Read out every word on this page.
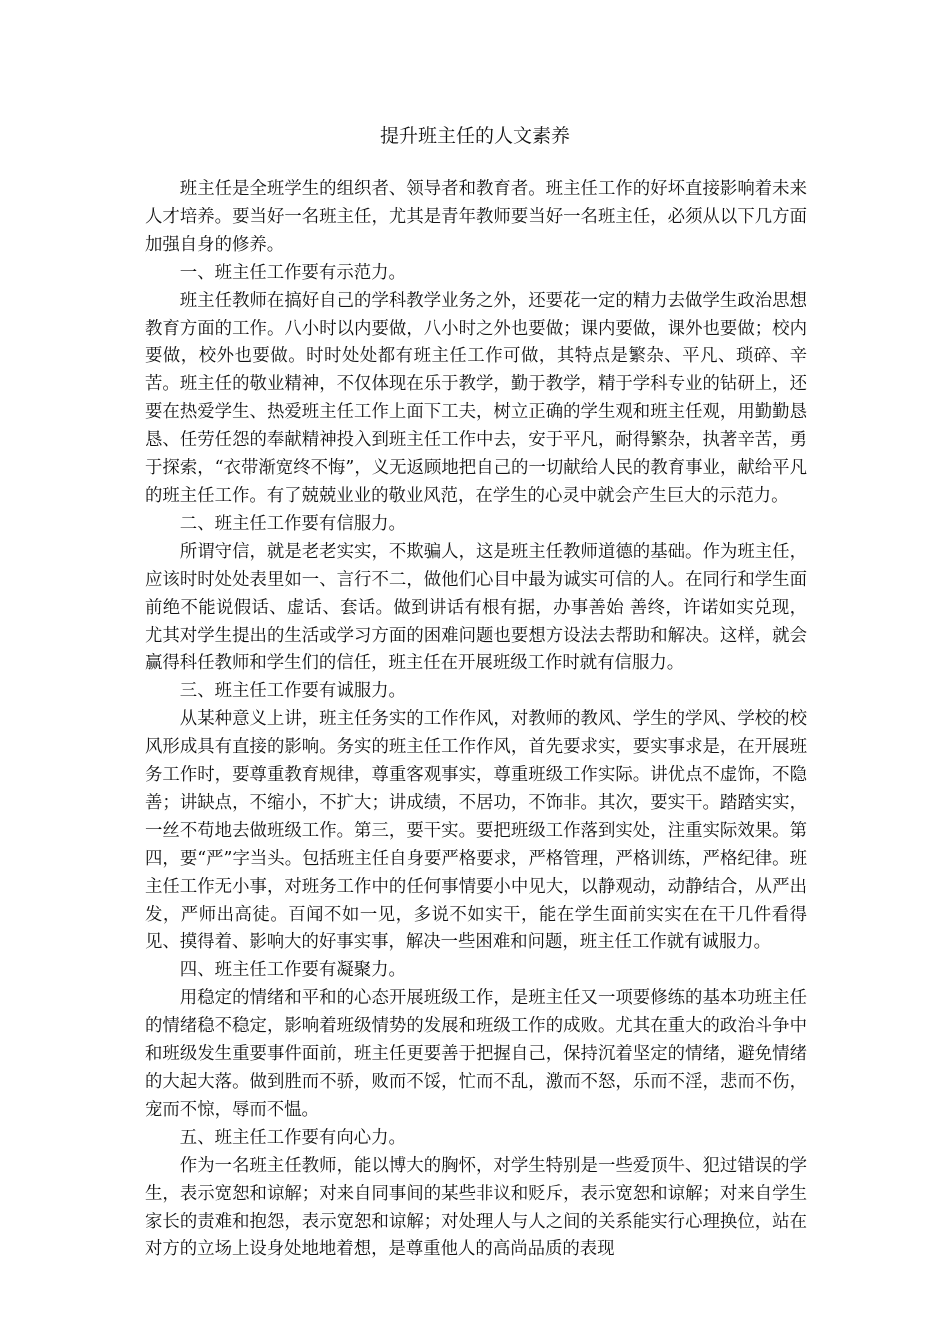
提升班主任的人文素养

班主任是全班学生的组织者、领导者和教育者。班主任工作的好坏直接影响着未来人才培养。要当好一名班主任，尤其是青年教师要当好一名班主任，必须从以下几方面加强自身的修养。

一、班主任工作要有示范力。

班主任教师在搞好自己的学科教学业务之外，还要花一定的精力去做学生政治思想教育方面的工作。八小时以内要做，八小时之外也要做；课内要做，课外也要做；校内要做，校外也要做。时时处处都有班主任工作可做，其特点是繁杂、平凡、琐碎、辛苦。班主任的敬业精神，不仅体现在乐于教学，勤于教学，精于学科专业的钻研上，还要在热爱学生、热爱班主任工作上面下工夫，树立正确的学生观和班主任观，用勤勤恳恳、任劳任怨的奉献精神投入到班主任工作中去，安于平凡，耐得繁杂，执著辛苦，勇于探索，“衣带渐宽终不悔”，义无返顾地把自己的一切献给人民的教育事业，献给平凡的班主任工作。有了兢兢业业的敬业风范，在学生的心灵中就会产生巨大的示范力。

二、班主任工作要有信服力。

所谓守信，就是老老实实，不欺骗人，这是班主任教师道德的基础。作为班主任，应该时时处处表里如一、言行不二，做他们心目中最为诚实可信的人。在同行和学生面前绝不能说假话、虚话、套话。做到讲话有根有据，办事善始 善终，许诺如实兑现，尤其对学生提出的生活或学习方面的困难问题也要想方设法去帮助和解决。这样，就会赢得科任教师和学生们的信任，班主任在开展班级工作时就有信服力。

三、班主任工作要有诚服力。

从某种意义上讲，班主任务实的工作作风，对教师的教风、学生的学风、学校的校风形成具有直接的影响。务实的班主任工作作风，首先要求实，要实事求是，在开展班务工作时，要尊重教育规律，尊重客观事实，尊重班级工作实际。讲优点不虚饰，不隐善；讲缺点，不缩小，不扩大；讲成绩，不居功，不饰非。其次，要实干。踏踏实实，一丝不苟地去做班级工作。第三，要干实。要把班级工作落到实处，注重实际效果。第四，要“严”字当头。包括班主任自身要严格要求，严格管理，严格训练，严格纪律。班主任工作无小事，对班务工作中的任何事情要小中见大，以静观动，动静结合，从严出发，严师出高徒。百闻不如一见，多说不如实干，能在学生面前实实在在干几件看得见、摸得着、影响大的好事实事，解决一些困难和问题，班主任工作就有诚服力。

四、班主任工作要有凝聚力。

用稳定的情绪和平和的心态开展班级工作，是班主任又一项要修练的基本功班主任的情绪稳不稳定，影响着班级情势的发展和班级工作的成败。尤其在重大的政治斗争中和班级发生重要事件面前，班主任更要善于把握自己，保持沉着坚定的情绪，避免情绪的大起大落。做到胜而不骄，败而不馁，忙而不乱，激而不怒，乐而不淫，悲而不伤，宠而不惊，辱而不愠。

五、班主任工作要有向心力。

作为一名班主任教师，能以博大的胸怀，对学生特别是一些爱顶牛、犯过错误的学生，表示宽恕和谅解；对来自同事间的某些非议和贬斥，表示宽恕和谅解；对来自学生家长的责难和抱怨，表示宽恕和谅解；对处理人与人之间的关系能实行心理换位，站在对方的立场上设身处地地着想，是尊重他人的高尚品质的表现
